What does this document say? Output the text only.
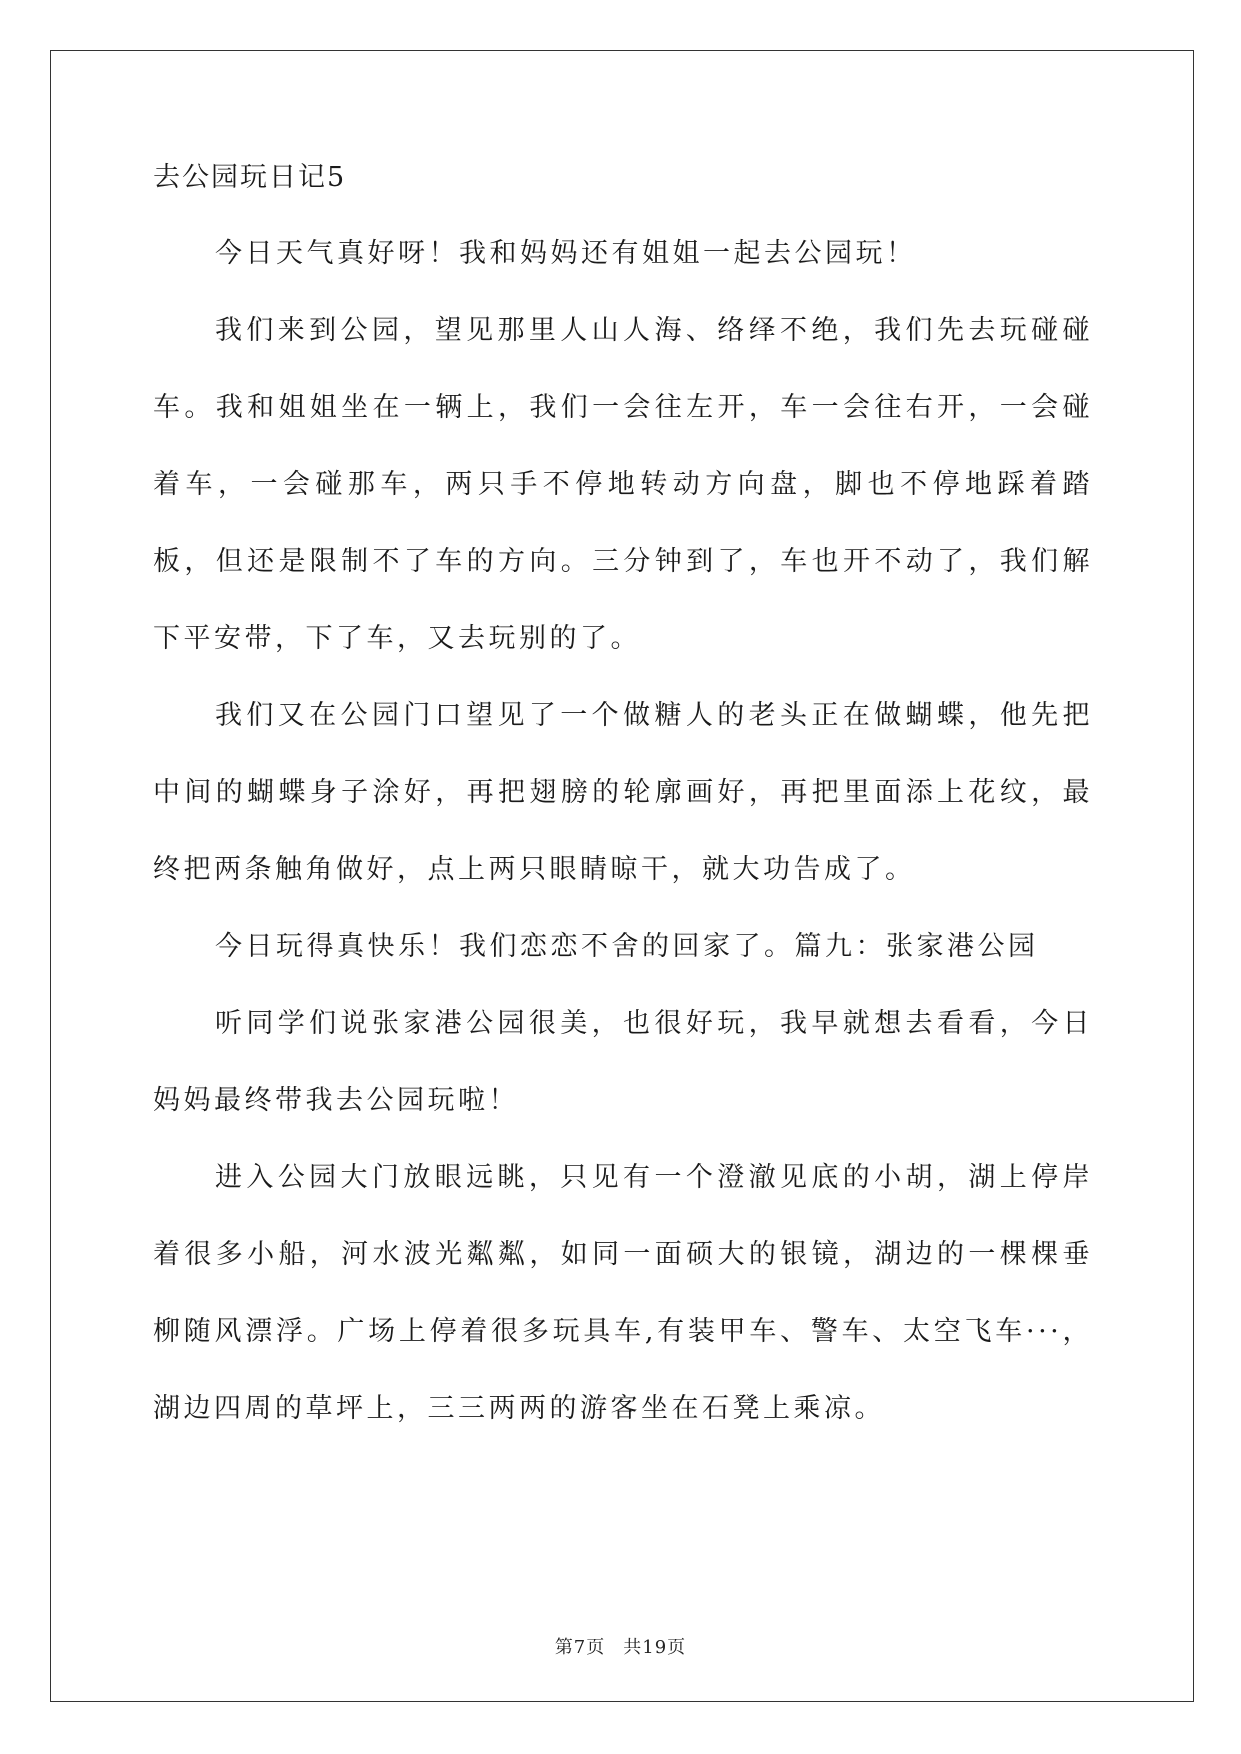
去公园玩日记5

今日天气真好呀！我和妈妈还有姐姐一起去公园玩！

我们来到公园，望见那里人山人海、络绎不绝，我们先去玩碰碰车。我和姐姐坐在一辆上，我们一会往左开，车一会往右开，一会碰着车，一会碰那车，两只手不停地转动方向盘，脚也不停地踩着踏板，但还是限制不了车的方向。三分钟到了，车也开不动了，我们解下平安带，下了车，又去玩别的了。

我们又在公园门口望见了一个做糖人的老头正在做蝴蝶，他先把中间的蝴蝶身子涂好，再把翅膀的轮廓画好，再把里面添上花纹，最终把两条触角做好，点上两只眼睛晾干，就大功告成了。

今日玩得真快乐！我们恋恋不舍的回家了。篇九：张家港公园

听同学们说张家港公园很美，也很好玩，我早就想去看看，今日妈妈最终带我去公园玩啦！

进入公园大门放眼远眺，只见有一个澄澈见底的小胡，湖上停岸着很多小船，河水波光粼粼，如同一面硕大的银镜，湖边的一棵棵垂柳随风漂浮。广场上停着很多玩具车,有装甲车、警车、太空飞车···，湖边四周的草坪上，三三两两的游客坐在石凳上乘凉。

第7页 共19页
